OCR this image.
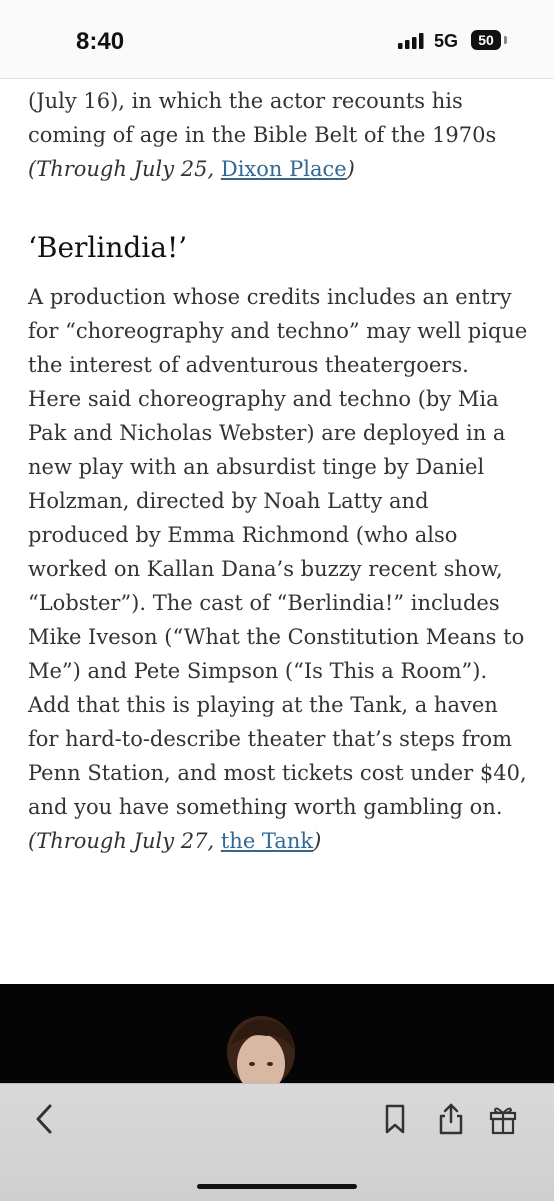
8:40	5G	50

(July 16), in which the actor recounts his coming of age in the Bible Belt of the 1970s (Through July 25, Dixon Place)

‘Berlindia!’

A production whose credits includes an entry for “choreography and techno” may well pique the interest of adventurous theatergoers. Here said choreography and techno (by Mia Pak and Nicholas Webster) are deployed in a new play with an absurdist tinge by Daniel Holzman, directed by Noah Latty and produced by Emma Richmond (who also worked on Kallan Dana’s buzzy recent show, “Lobster”). The cast of “Berlindia!” includes Mike Iveson (“What the Constitution Means to Me”) and Pete Simpson (“Is This a Room”). Add that this is playing at the Tank, a haven for hard-to-describe theater that’s steps from Penn Station, and most tickets cost under $40, and you have something worth gambling on. (Through July 27, the Tank)
